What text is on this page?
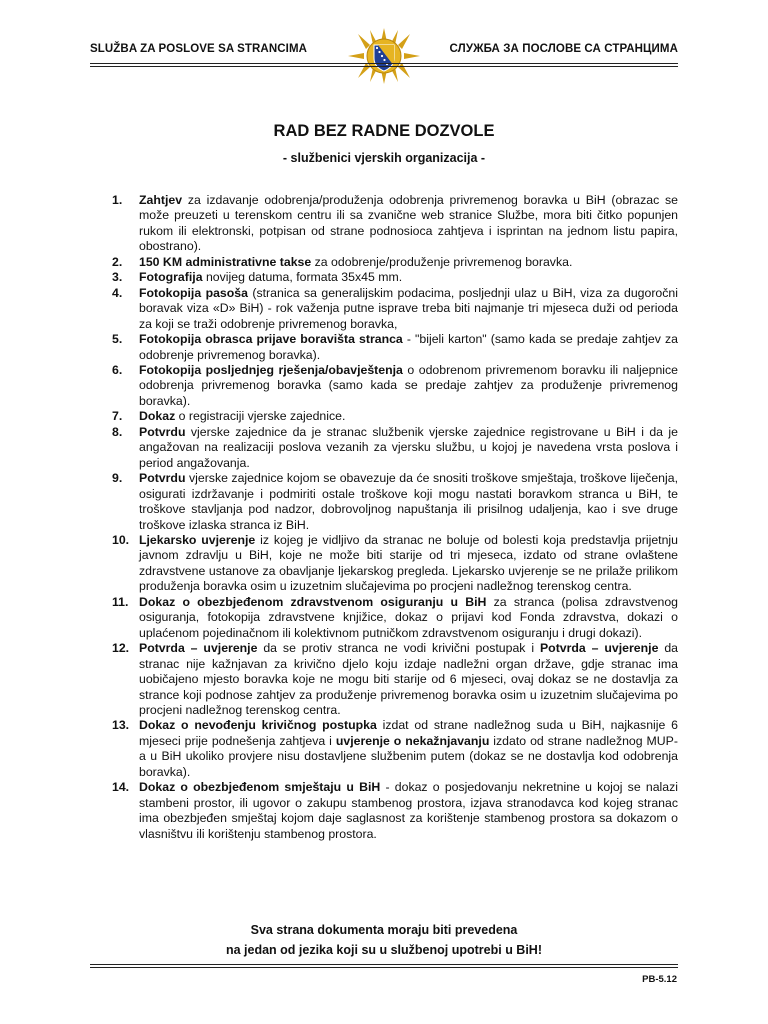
SLUŽBA ZA POSLOVE SA STRANCIMA	СЛУЖБА ЗА ПОСЛОВЕ СА СТРАНЦИМА
RAD BEZ RADNE DOZVOLE
- službenici vjerskih organizacija -
1. Zahtjev za izdavanje odobrenja/produženja odobrenja privremenog boravka u BiH (obrazac se može preuzeti u terenskom centru ili sa zvanične web stranice Službe, mora biti čitko popunjen rukom ili elektronski, potpisan od strane podnosioca zahtjeva i isprintan na jednom listu papira, obostrano).
2. 150 KM administrativne takse za odobrenje/produženje privremenog boravka.
3. Fotografija novijeg datuma, formata 35x45 mm.
4. Fotokopija pasoša (stranica sa generalijskim podacima, posljednji ulaz u BiH, viza za dugoročni boravak viza «D» BiH) - rok važenja putne isprave treba biti najmanje tri mjeseca duži od perioda za koji se traži odobrenje privremenog boravka,
5. Fotokopija obrasca prijave boravišta stranca - "bijeli karton" (samo kada se predaje zahtjev za odobrenje privremenog boravka).
6. Fotokopija posljednjeg rješenja/obavještenja o odobrenom privremenom boravku ili naljepnice odobrenja privremenog boravka (samo kada se predaje zahtjev za produženje privremenog boravka).
7. Dokaz o registraciji vjerske zajednice.
8. Potvrdu vjerske zajednice da je stranac službenik vjerske zajednice registrovane u BiH i da je angažovan na realizaciji poslova vezanih za vjersku službu, u kojoj je navedena vrsta poslova i period angažovanja.
9. Potvrdu vjerske zajednice kojom se obavezuje da će snositi troškove smještaja, troškove liječenja, osigurati izdržavanje i podmiriti ostale troškove koji mogu nastati boravkom stranca u BiH, te troškove stavljanja pod nadzor, dobrovoljnog napuštanja ili prisilnog udaljenja, kao i sve druge troškove izlaska stranca iz BiH.
10. Ljekarsko uvjerenje iz kojeg je vidljivo da stranac ne boluje od bolesti koja predstavlja prijetnju javnom zdravlju u BiH, koje ne može biti starije od tri mjeseca, izdato od strane ovlaštene zdravstvene ustanove za obavljanje ljekarskog pregleda. Ljekarsko uvjerenje se ne prilaže prilikom produženja boravka osim u izuzetnim slučajevima po procjeni nadležnog terenskog centra.
11. Dokaz o obezbjeđenom zdravstvenom osiguranju u BiH za stranca (polisa zdravstvenog osiguranja, fotokopija zdravstvene knjižice, dokaz o prijavi kod Fonda zdravstva, dokazi o uplaćenom pojedinačnom ili kolektivnom putničkom zdravstvenom osiguranju i drugi dokazi).
12. Potvrda – uvjerenje da se protiv stranca ne vodi krivični postupak i Potvrda – uvjerenje da stranac nije kažnjavan za krivično djelo koju izdaje nadležni organ države, gdje stranac ima uobičajeno mjesto boravka koje ne mogu biti starije od 6 mjeseci, ovaj dokaz se ne dostavlja za strance koji podnose zahtjev za produženje privremenog boravka osim u izuzetnim slučajevima po procjeni nadležnog terenskog centra.
13. Dokaz o nevođenju krivičnog postupka izdat od strane nadležnog suda u BiH, najkasnije 6 mjeseci prije podnešenja zahtjeva i uvjerenje o nekažnjavanju izdato od strane nadležnog MUP-a u BiH ukoliko provjere nisu dostavljene službenim putem (dokaz se ne dostavlja kod odobrenja boravka).
14. Dokaz o obezbjeđenom smještaju u BiH - dokaz o posjedovanju nekretnine u kojoj se nalazi stambeni prostor, ili ugovor o zakupu stambenog prostora, izjava stranodavca kod kojeg stranac ima obezbjeđen smještaj kojom daje saglasnost za korištenje stambenog prostora sa dokazom o vlasništvu ili korištenju stambenog prostora.
Sva strana dokumenta moraju biti prevedena
na jedan od jezika koji su u službenoj upotrebi u BiH!
PB-5.12
